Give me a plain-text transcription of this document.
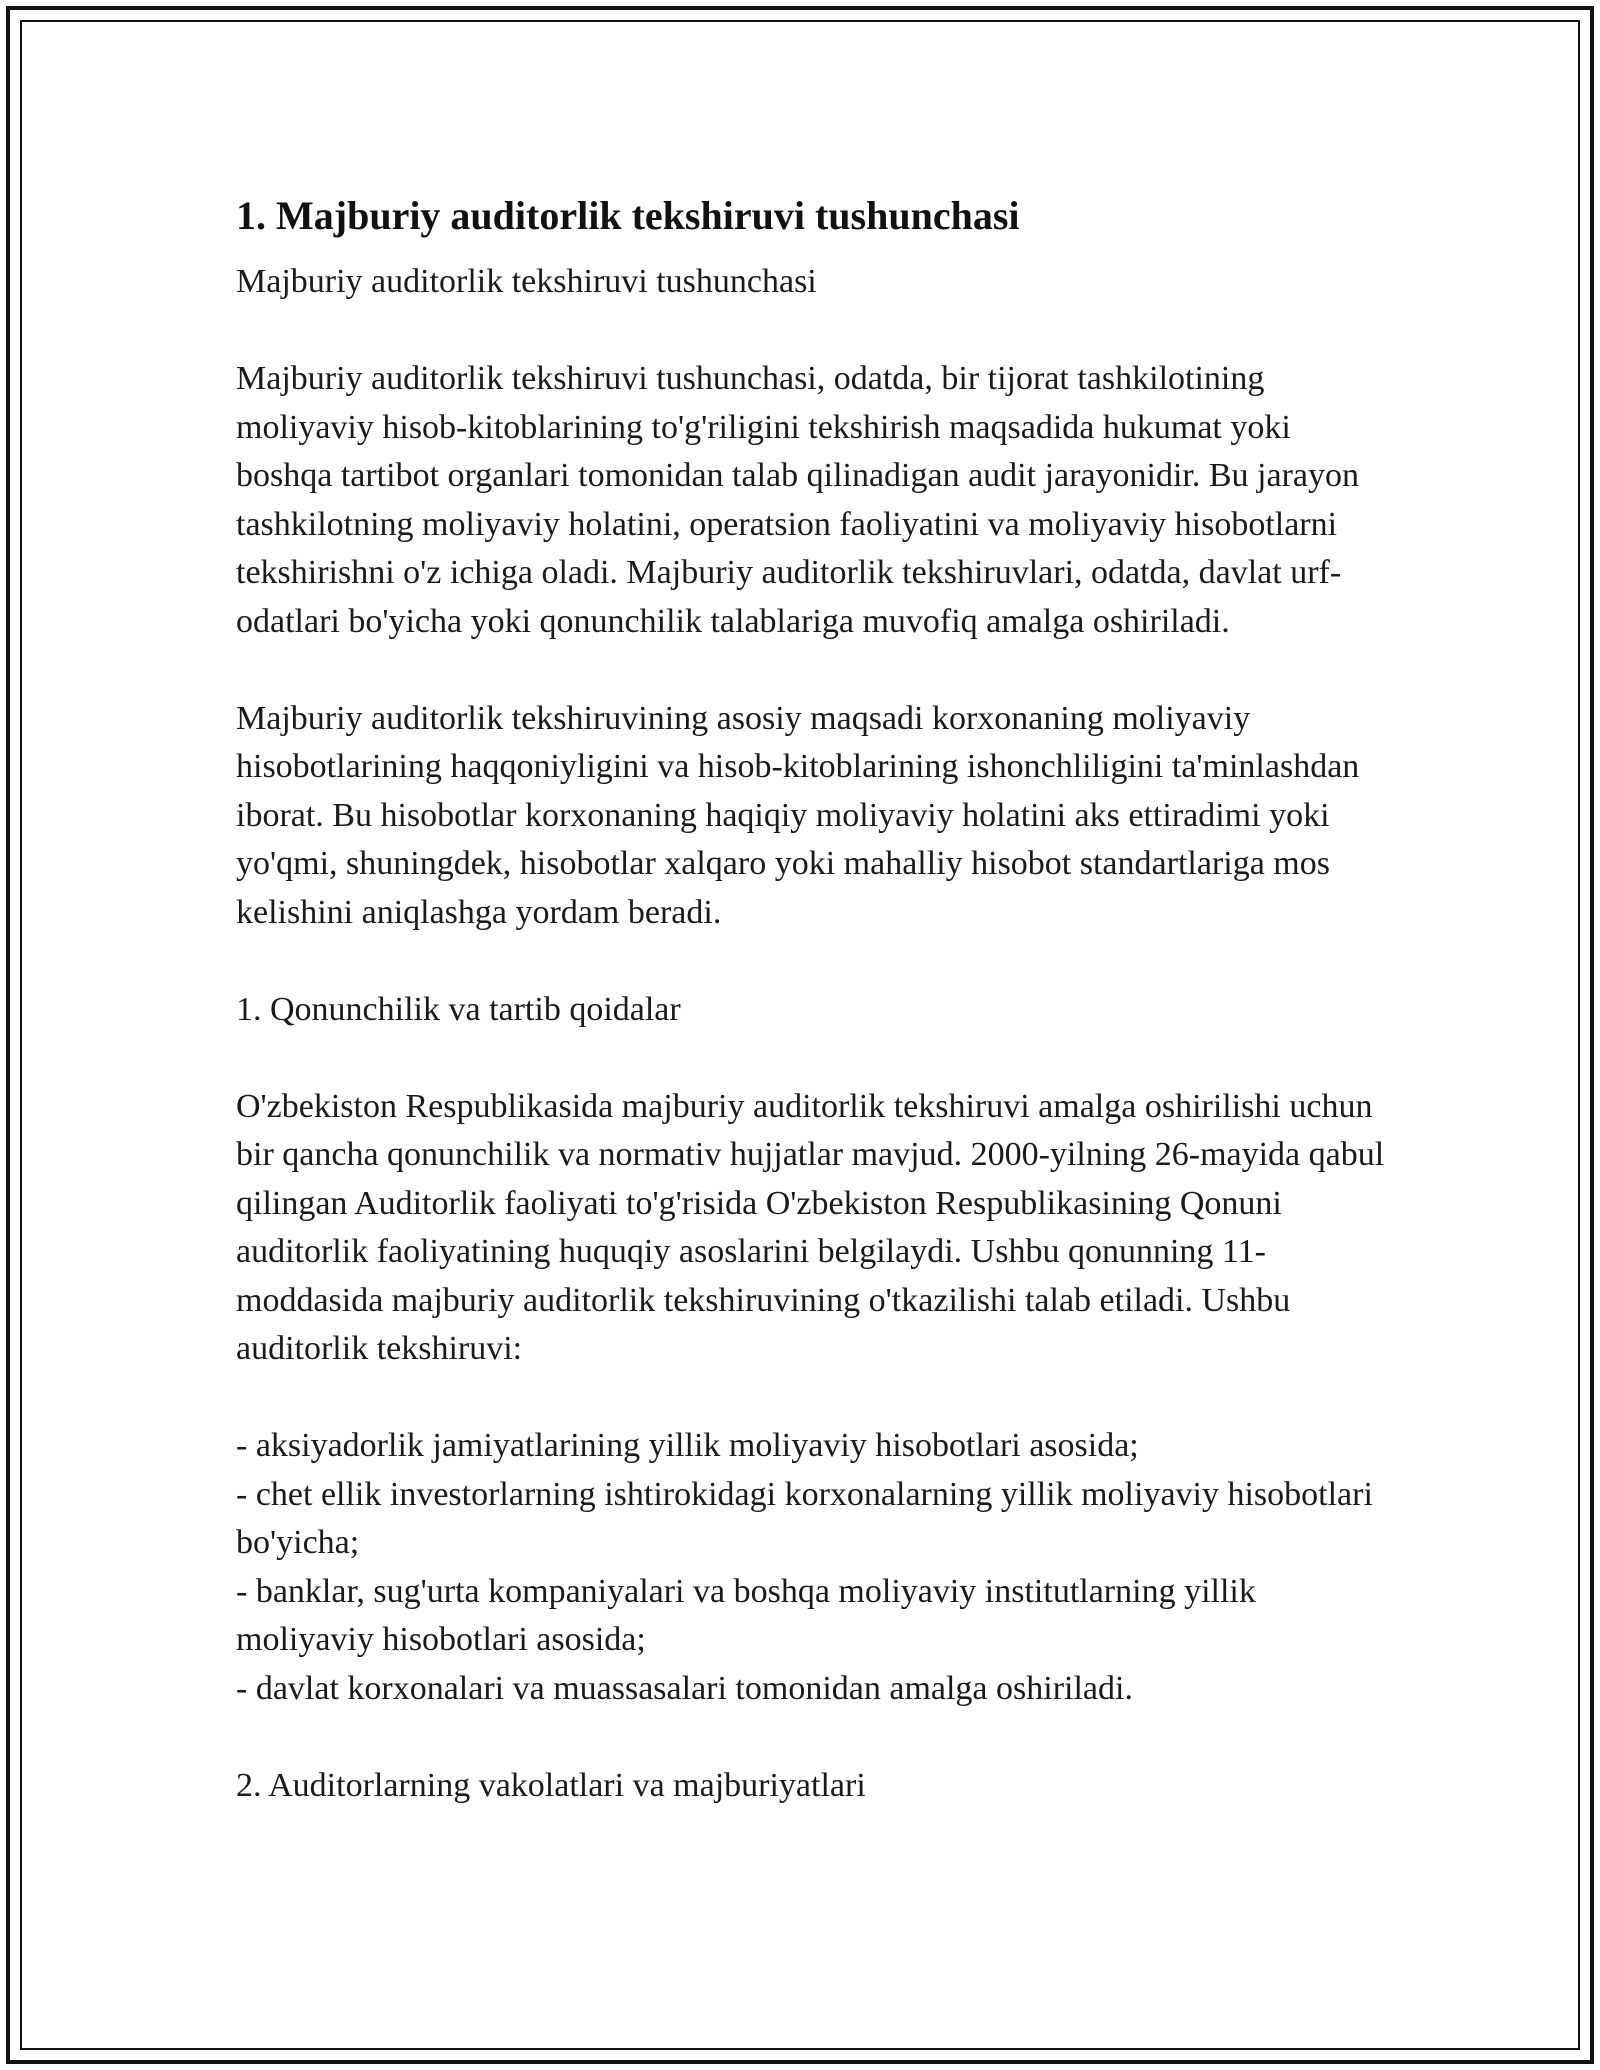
1. Majburiy auditorlik tekshiruvi tushunchasi

Majburiy auditorlik tekshiruvi tushunchasi

Majburiy auditorlik tekshiruvi tushunchasi, odatda, bir tijorat tashkilotining moliyaviy hisob-kitoblarining to'g'riligini tekshirish maqsadida hukumat yoki boshqa tartibot organlari tomonidan talab qilinadigan audit jarayonidir. Bu jarayon tashkilotning moliyaviy holatini, operatsion faoliyatini va moliyaviy hisobotlarni tekshirishni o'z ichiga oladi. Majburiy auditorlik tekshiruvlari, odatda, davlat urf-odatlari bo'yicha yoki qonunchilik talablariga muvofiq amalga oshiriladi.

Majburiy auditorlik tekshiruvining asosiy maqsadi korxonaning moliyaviy hisobotlarining haqqoniyligini va hisob-kitoblarining ishonchliligini ta'minlashdan iborat. Bu hisobotlar korxonaning haqiqiy moliyaviy holatini aks ettiradimi yoki yo'qmi, shuningdek, hisobotlar xalqaro yoki mahalliy hisobot standartlariga mos kelishini aniqlashga yordam beradi.

1. Qonunchilik va tartib qoidalar

O'zbekiston Respublikasida majburiy auditorlik tekshiruvi amalga oshirilishi uchun bir qancha qonunchilik va normativ hujjatlar mavjud. 2000-yilning 26-mayida qabul qilingan Auditorlik faoliyati to'g'risida O'zbekiston Respublikasining Qonuni auditorlik faoliyatining huquqiy asoslarini belgilaydi. Ushbu qonunning 11-moddasida majburiy auditorlik tekshiruvining o'tkazilishi talab etiladi. Ushbu auditorlik tekshiruvi:

- aksiyadorlik jamiyatlarining yillik moliyaviy hisobotlari asosida;
- chet ellik investorlarning ishtirokidagi korxonalarning yillik moliyaviy hisobotlari bo'yicha;
- banklar, sug'urta kompaniyalari va boshqa moliyaviy institutlarning yillik moliyaviy hisobotlari asosida;
- davlat korxonalari va muassasalari tomonidan amalga oshiriladi.

2. Auditorlarning vakolatlari va majburiyatlari
